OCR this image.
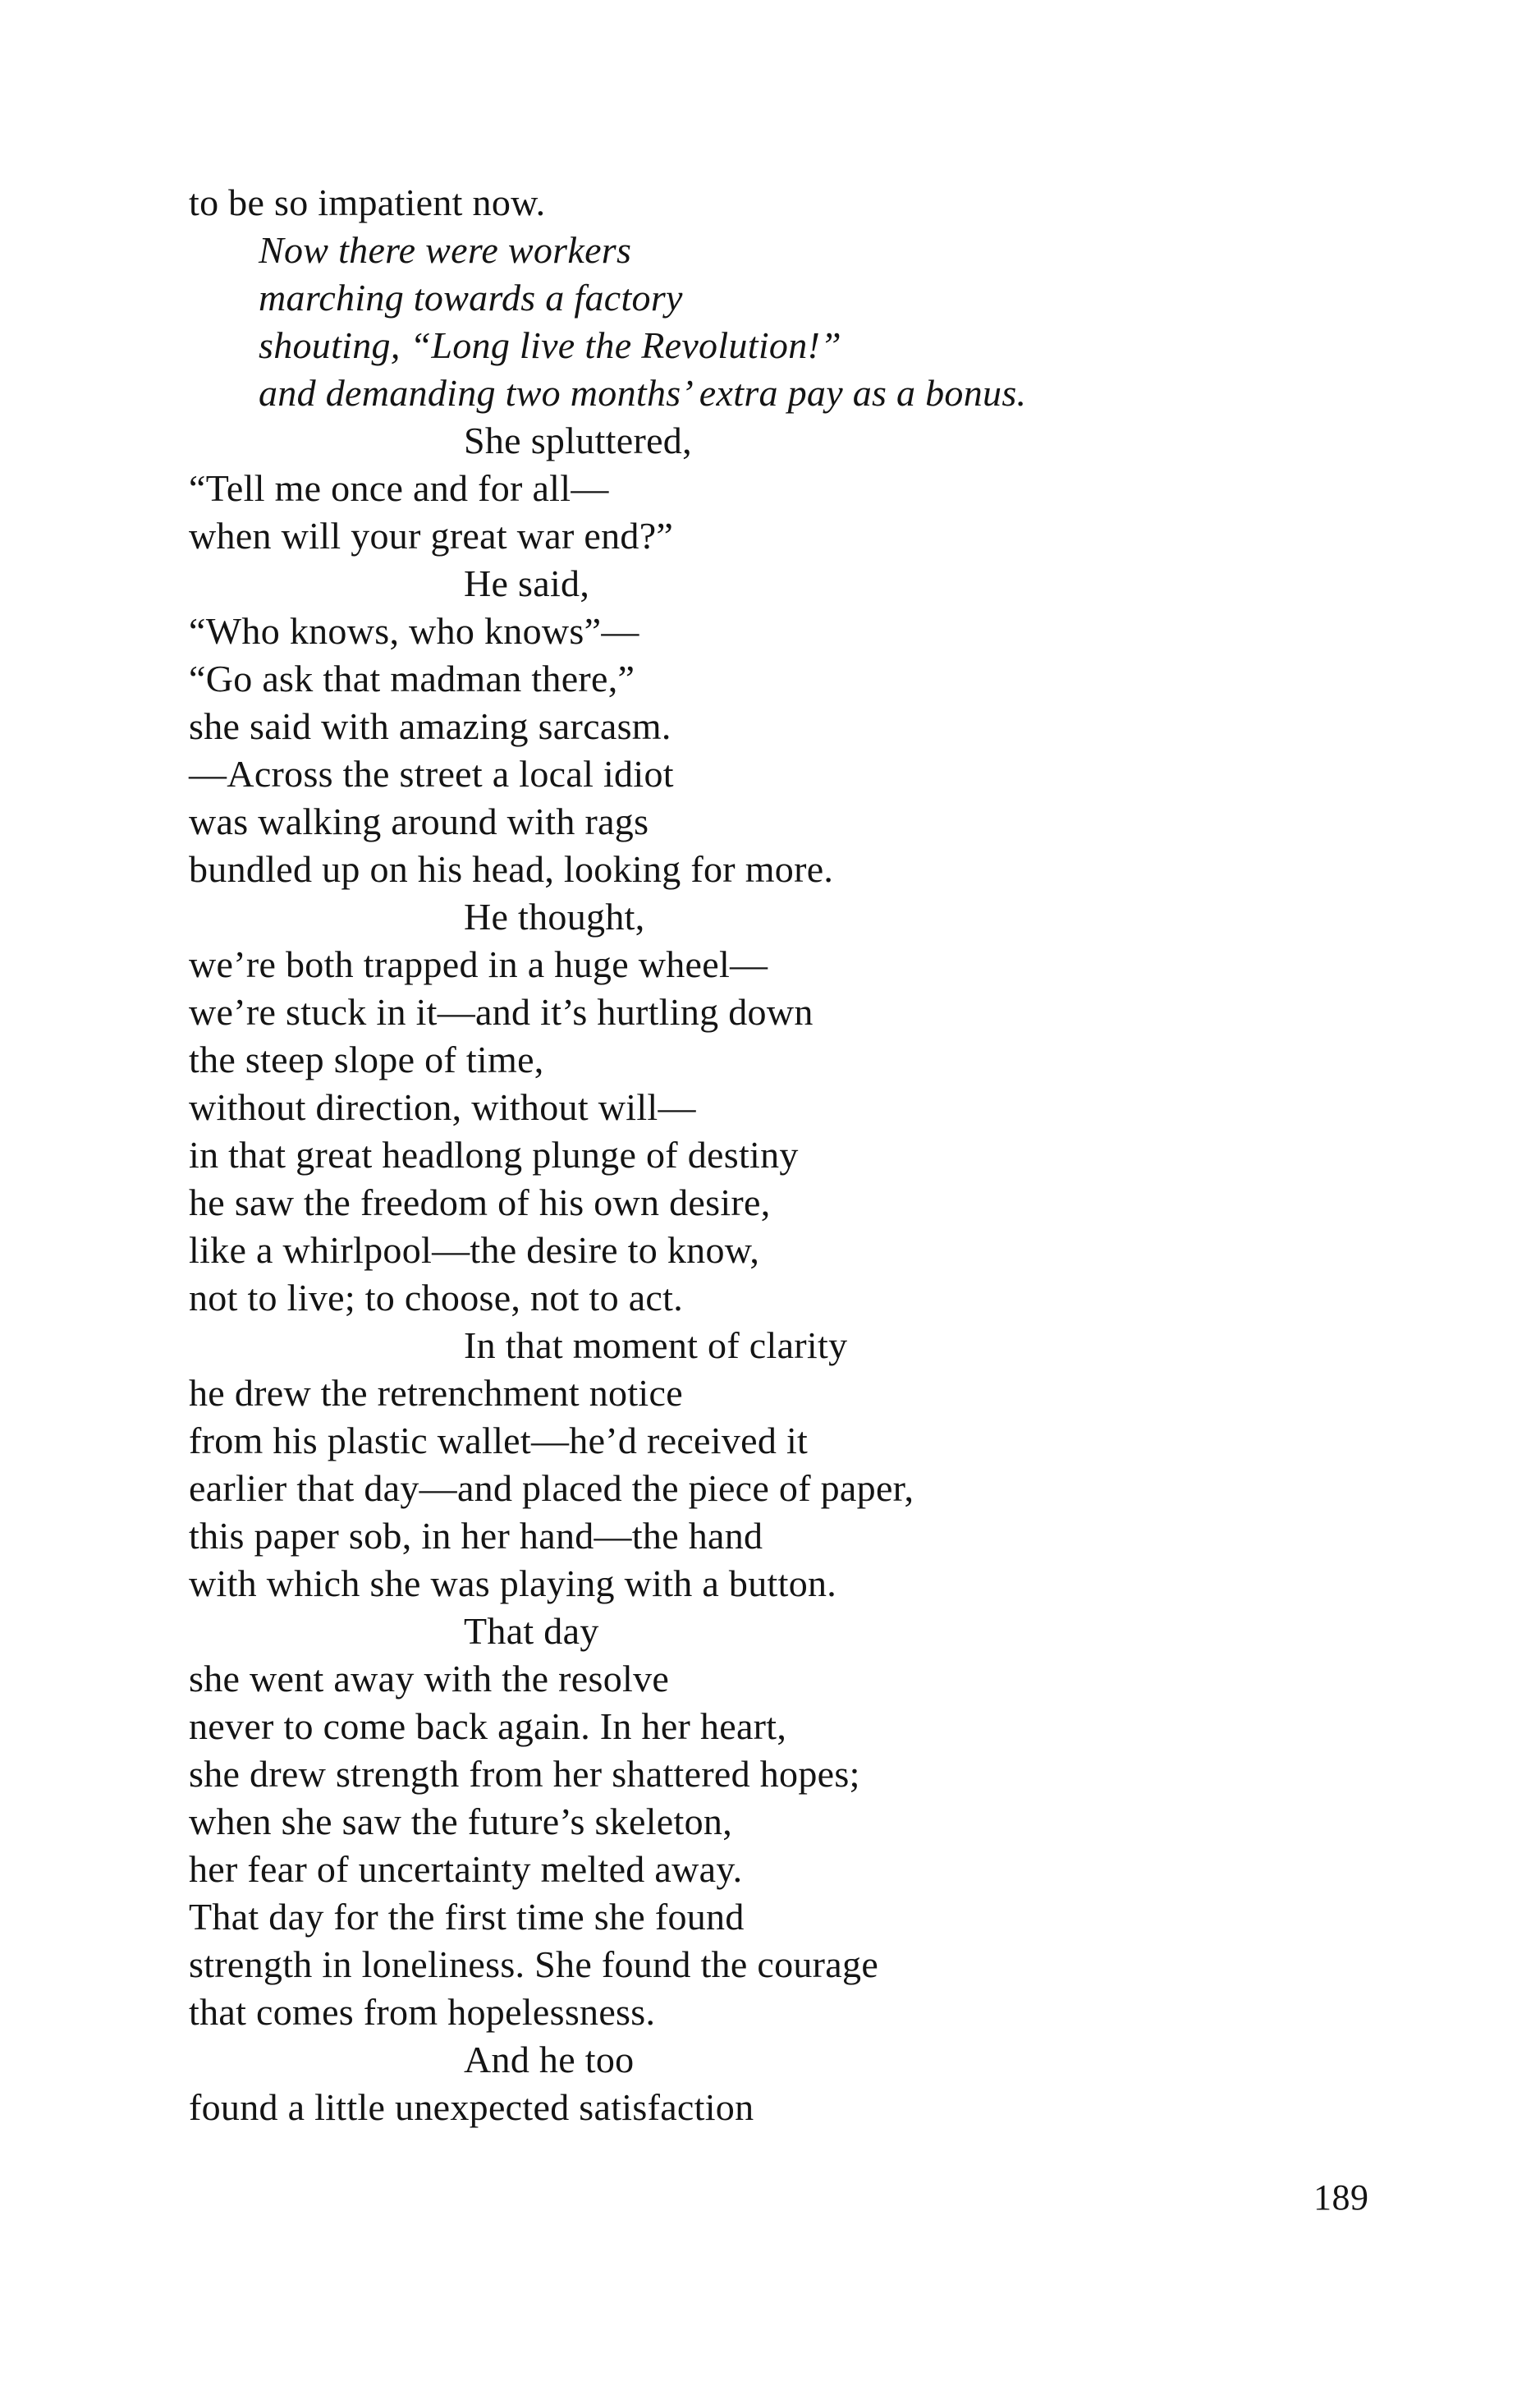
to be so impatient now.
Now there were workers
marching towards a factory
shouting, “Long live the Revolution!”
and demanding two months’ extra pay as a bonus.
She spluttered,
“Tell me once and for all—
when will your great war end?”
He said,
“Who knows, who knows”—
“Go ask that madman there,”
she said with amazing sarcasm.
—Across the street a local idiot
was walking around with rags
bundled up on his head, looking for more.
He thought,
we’re both trapped in a huge wheel—
we’re stuck in it—and it’s hurtling down
the steep slope of time,
without direction, without will—
in that great headlong plunge of destiny
he saw the freedom of his own desire,
like a whirlpool—the desire to know,
not to live; to choose, not to act.
In that moment of clarity
he drew the retrenchment notice
from his plastic wallet—he’d received it
earlier that day—and placed the piece of paper,
this paper sob, in her hand—the hand
with which she was playing with a button.
That day
she went away with the resolve
never to come back again. In her heart,
she drew strength from her shattered hopes;
when she saw the future’s skeleton,
her fear of uncertainty melted away.
That day for the first time she found
strength in loneliness. She found the courage
that comes from hopelessness.
And he too
found a little unexpected satisfaction
189
